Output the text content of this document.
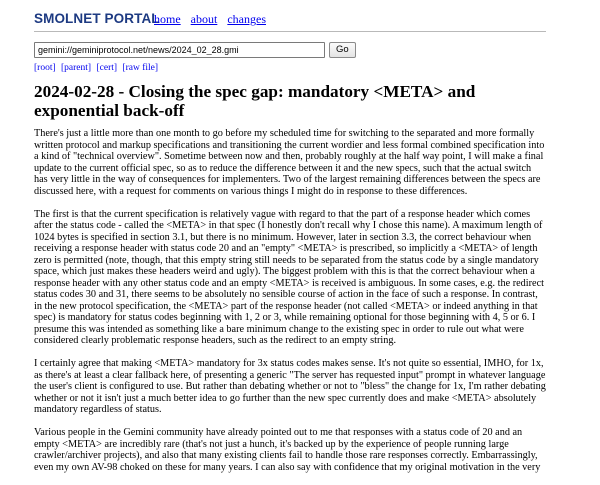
SMOLNET PORTAL
home about changes
gemini://geminiprotocol.net/news/2024_02_28.gmi
Go
[root] [parent] [cert] [raw file]
2024-02-28 - Closing the spec gap: mandatory <META> and exponential back-off

There's just a little more than one month to go before my scheduled time for switching to the separated and more formally written protocol and markup specifications and transitioning the current wordier and less formal combined specification into a kind of "technical overview". Sometime between now and then, probably roughly at the half way point, I will make a final update to the current official spec, so as to reduce the difference between it and the new specs, such that the actual switch has very little in the way of consequences for implementers. Two of the largest remaining differences between the specs are discussed here, with a request for comments on various things I might do in response to these differences.

The first is that the current specification is relatively vague with regard to that the part of a response header which comes after the status code - called the <META> in that spec (I honestly don't recall why I chose this name). A maximum length of 1024 bytes is specified in section 3.1, but there is no minimum. However, later in section 3.3, the correct behaviour when receiving a response header with status code 20 and an "empty" <META> is prescribed, so implicitly a <META> of length zero is permitted (note, though, that this empty string still needs to be separated from the status code by a single mandatory space, which just makes these headers weird and ugly). The biggest problem with this is that the correct behaviour when a response header with any other status code and an empty <META> is received is ambiguous. In some cases, e.g. the redirect status codes 30 and 31, there seems to be absolutely no sensible course of action in the face of such a response. In contrast, in the new protocol specification, the <META> part of the response header (not called <META> or indeed anything in that spec) is mandatory for status codes beginning with 1, 2 or 3, while remaining optional for those beginning with 4, 5 or 6. I presume this was intended as something like a bare minimum change to the existing spec in order to rule out what were considered clearly problematic response headers, such as the redirect to an empty string.

I certainly agree that making <META> mandatory for 3x status codes makes sense. It's not quite so essential, IMHO, for 1x, as there's at least a clear fallback here, of presenting a generic "The server has requested input" prompt in whatever language the user's client is configured to use. But rather than debating whether or not to "bless" the change for 1x, I'm rather debating whether or not it isn't just a much better idea to go further than the new spec currently does and make <META> absolutely mandatory regardless of status.

Various people in the Gemini community have already pointed out to me that responses with a status code of 20 and an empty <META> are incredibly rare (that's not just a hunch, it's backed up by the experience of people running large crawler/archiver projects), and also that many existing clients fail to handle those rare responses correctly. Embarrassingly, even my own AV-98 choked on these for many years. I can also say with confidence that my original motivation in the very
